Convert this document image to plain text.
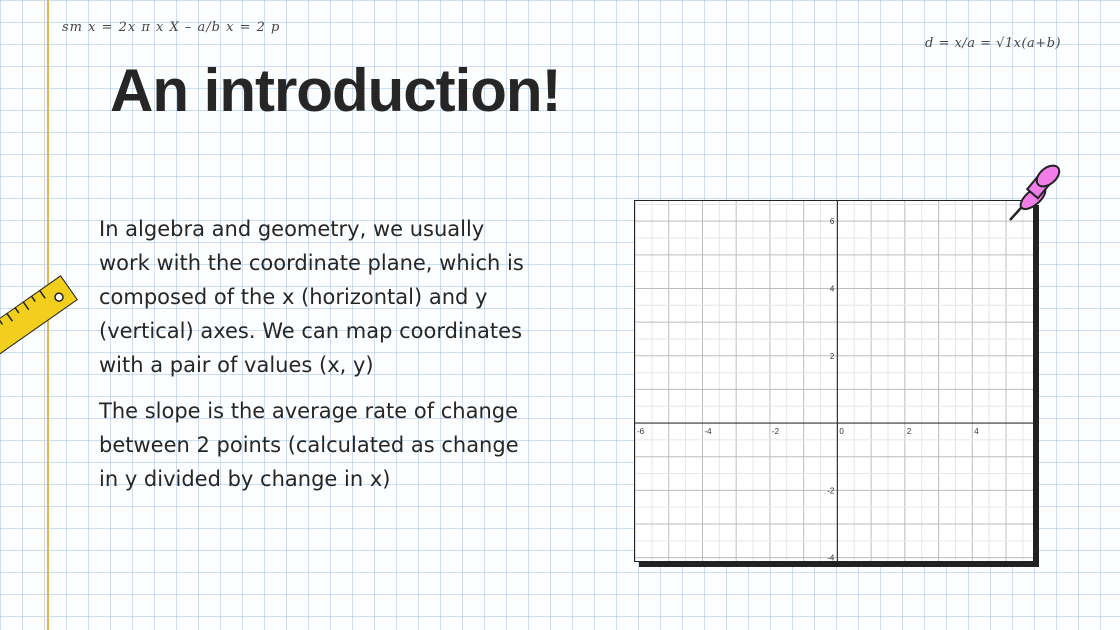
sm x = 2x π x X – a/b x = 2 p
d = x/a = √1x(a+b)
An introduction!

In algebra and geometry, we usually work with the coordinate plane, which is composed of the x (horizontal) and y (vertical) axes. We can map coordinates with a pair of values (x, y)

The slope is the average rate of change between 2 points (calculated as change in y divided by change in x)

-6	-4	-2	0	2	4
6
4
2
-2
-4
